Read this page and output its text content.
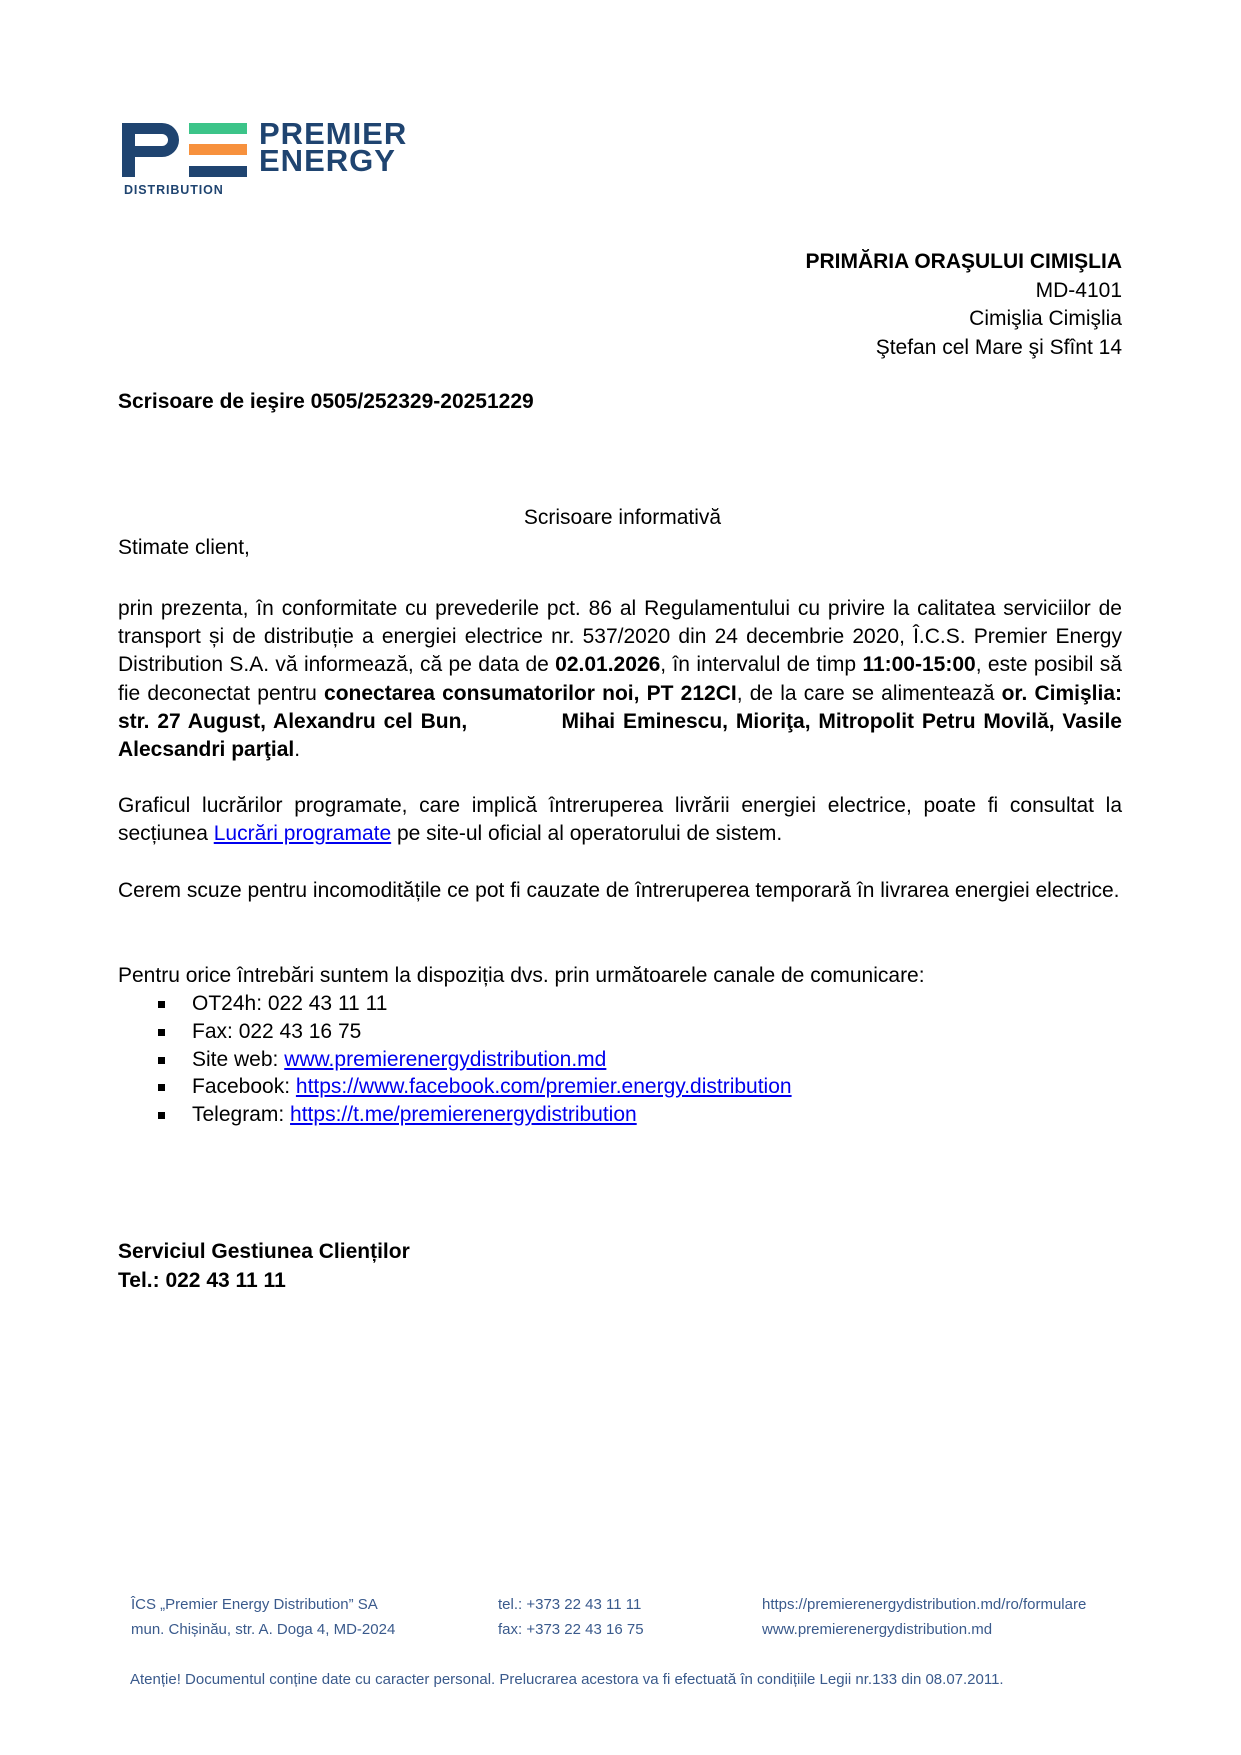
DISTRIBUTION
PREMIER
ENERGY
PRIMĂRIA ORAŞULUI CIMIŞLIA
MD-4101
Cimişlia Cimişlia
Ştefan cel Mare şi Sfînt 14
Scrisoare de ieşire 0505/252329-20251229
Scrisoare informativă
Stimate client,
prin prezenta, în conformitate cu prevederile pct. 86 al Regulamentului cu privire la calitatea serviciilor de transport și de distribuție a energiei electrice nr. 537/2020 din 24 decembrie 2020, Î.C.S. Premier Energy Distribution S.A. vă informează, că pe data de 02.01.2026, în intervalul de timp 11:00-15:00, este posibil să fie deconectat pentru conectarea consumatorilor noi, PT 212CI, de la care se alimentează or. Cimişlia: str. 27 August, Alexandru cel Bun,            Mihai Eminescu, Mioriţa, Mitropolit Petru Movilă, Vasile Alecsandri parţial.
Graficul lucrărilor programate, care implică întreruperea livrării energiei electrice, poate fi consultat la secțiunea Lucrări programate pe site-ul oficial al operatorului de sistem.
Cerem scuze pentru incomoditățile ce pot fi cauzate de întreruperea temporară în livrarea energiei electrice.
Pentru orice întrebări suntem la dispoziția dvs. prin următoarele canale de comunicare:
OT24h: 022 43 11 11
Fax: 022 43 16 75
Site web: www.premierenergydistribution.md
Facebook: https://www.facebook.com/premier.energy.distribution
Telegram: https://t.me/premierenergydistribution
Serviciul Gestiunea Clienților
Tel.: 022 43 11 11
ÎCS „Premier Energy Distribution” SA
mun. Chișinău, str. A. Doga 4, MD-2024
tel.: +373 22 43 11 11
fax: +373 22 43 16 75
https://premierenergydistribution.md/ro/formulare
www.premierenergydistribution.md
Atenție! Documentul conține date cu caracter personal. Prelucrarea acestora va fi efectuată în condițiile Legii nr.133 din 08.07.2011.
